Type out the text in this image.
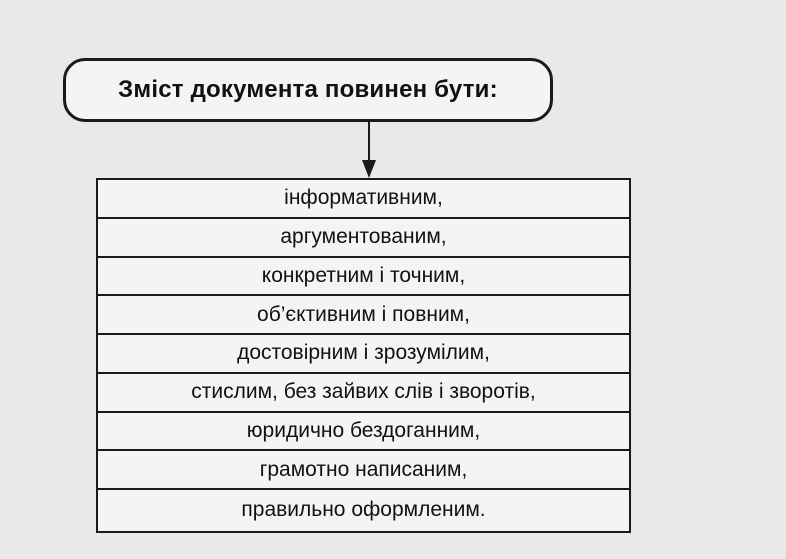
Зміст документа повинен бути:
інформативним,
аргументованим,
конкретним і точним,
об’єктивним і повним,
достовірним і зрозумілим,
стислим, без зайвих слів і зворотів,
юридично бездоганним,
грамотно написаним,
правильно оформленим.
